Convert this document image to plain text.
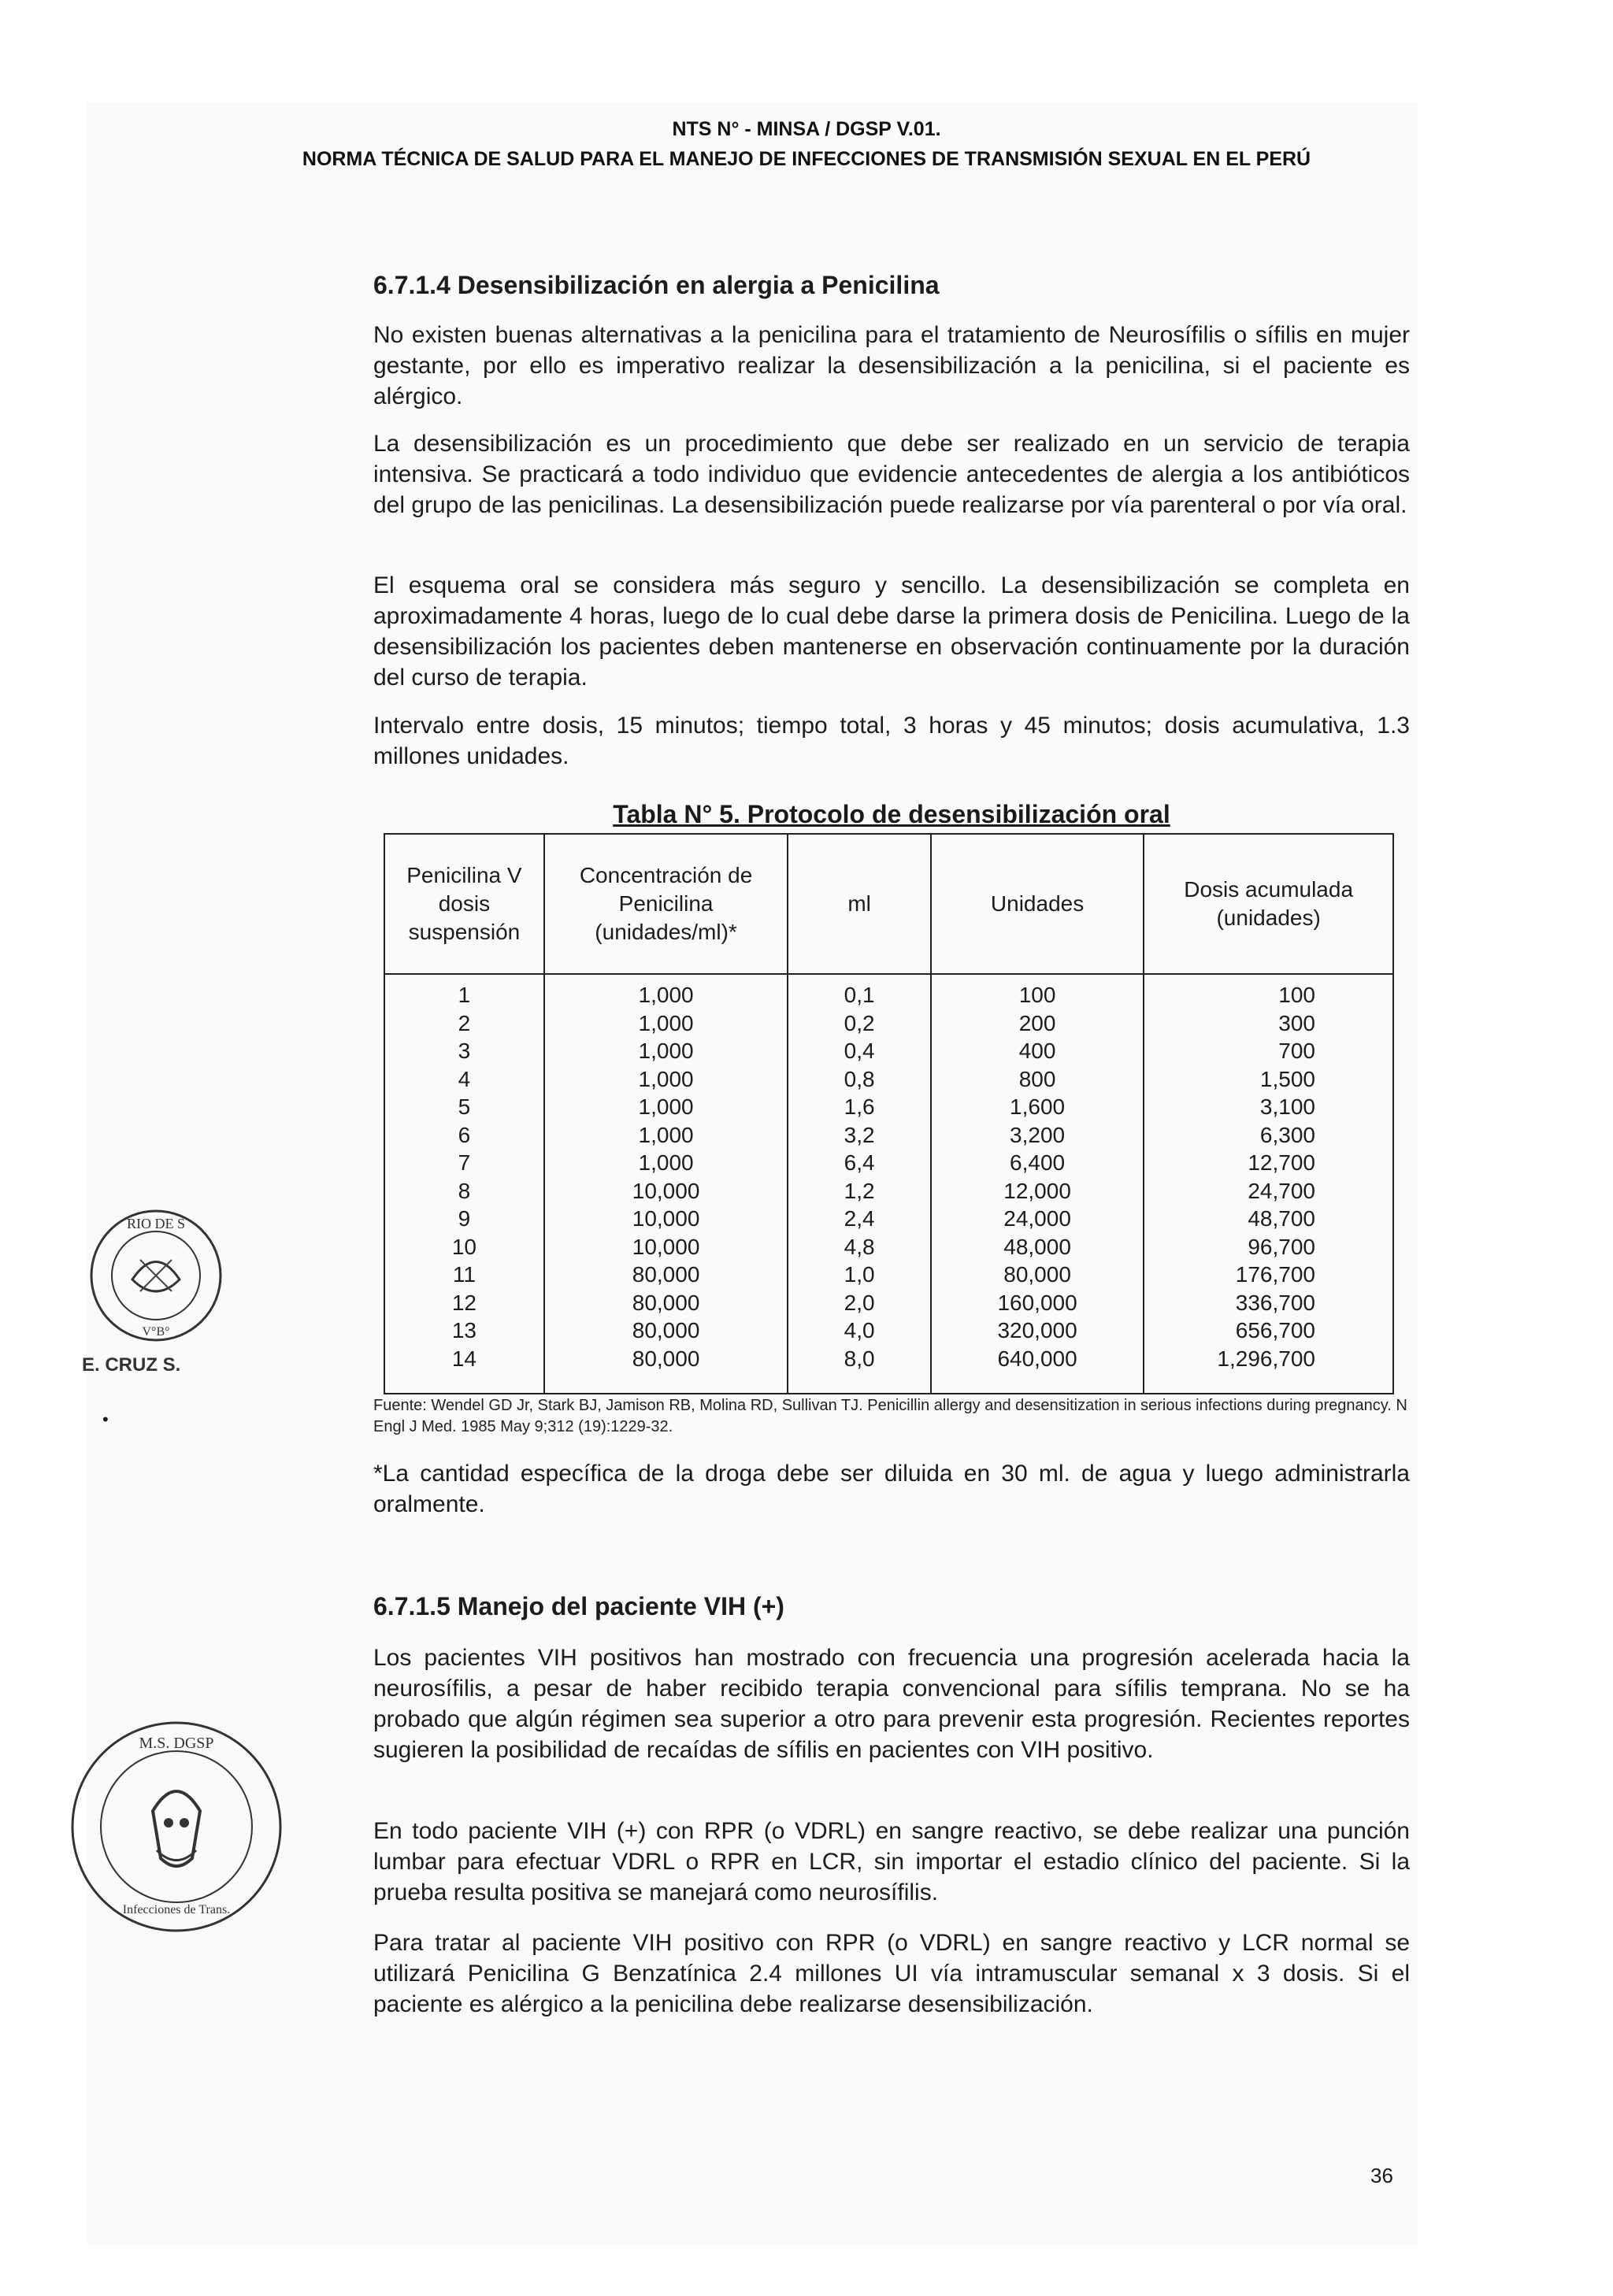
NTS N° - MINSA / DGSP V.01.
NORMA TÉCNICA DE SALUD PARA EL MANEJO DE INFECCIONES DE TRANSMISIÓN SEXUAL EN EL PERÚ
6.7.1.4 Desensibilización en alergia a Penicilina

No existen buenas alternativas a la penicilina para el tratamiento de Neurosífilis o sífilis en mujer gestante, por ello es imperativo realizar la desensibilización a la penicilina, si el paciente es alérgico.

La desensibilización es un procedimiento que debe ser realizado en un servicio de terapia intensiva. Se practicará a todo individuo que evidencie antecedentes de alergia a los antibióticos del grupo de las penicilinas. La desensibilización puede realizarse por vía parenteral o por vía oral.

El esquema oral se considera más seguro y sencillo. La desensibilización se completa en aproximadamente 4 horas, luego de lo cual debe darse la primera dosis de Penicilina. Luego de la desensibilización los pacientes deben mantenerse en observación continuamente por la duración del curso de terapia.

Intervalo entre dosis, 15 minutos; tiempo total, 3 horas y 45 minutos; dosis acumulativa, 1.3 millones unidades.

Tabla N° 5. Protocolo de desensibilización oral
Penicilina V dosis suspensión	Concentración de Penicilina (unidades/ml)*	ml	Unidades	Dosis acumulada (unidades)
1	1,000	0,1	100	100
2	1,000	0,2	200	300
3	1,000	0,4	400	700
4	1,000	0,8	800	1,500
5	1,000	1,6	1,600	3,100
6	1,000	3,2	3,200	6,300
7	1,000	6,4	6,400	12,700
8	10,000	1,2	12,000	24,700
9	10,000	2,4	24,000	48,700
10	10,000	4,8	48,000	96,700
11	80,000	1,0	80,000	176,700
12	80,000	2,0	160,000	336,700
13	80,000	4,0	320,000	656,700
14	80,000	8,0	640,000	1,296,700
Fuente: Wendel GD Jr, Stark BJ, Jamison RB, Molina RD, Sullivan TJ. Penicillin allergy and desensitization in serious infections during pregnancy. N Engl J Med. 1985 May 9;312 (19):1229-32.
*La cantidad específica de la droga debe ser diluida en 30 ml. de agua y luego administrarla oralmente.
6.7.1.5 Manejo del paciente VIH (+)

Los pacientes VIH positivos han mostrado con frecuencia una progresión acelerada hacia la neurosífilis, a pesar de haber recibido terapia convencional para sífilis temprana. No se ha probado que algún régimen sea superior a otro para prevenir esta progresión. Recientes reportes sugieren la posibilidad de recaídas de sífilis en pacientes con VIH positivo.

En todo paciente VIH (+) con RPR (o VDRL) en sangre reactivo, se debe realizar una punción lumbar para efectuar VDRL o RPR en LCR, sin importar el estadio clínico del paciente. Si la prueba resulta positiva se manejará como neurosífilis.

Para tratar al paciente VIH positivo con RPR (o VDRL) en sangre reactivo y LCR normal se utilizará Penicilina G Benzatínica 2.4 millones UI vía intramuscular semanal x 3 dosis. Si el paciente es alérgico a la penicilina debe realizarse desensibilización.

RIO DE S
V°B°
E. CRUZ S.
•
M.S. DGSP
Infecciones de Trans.
36
